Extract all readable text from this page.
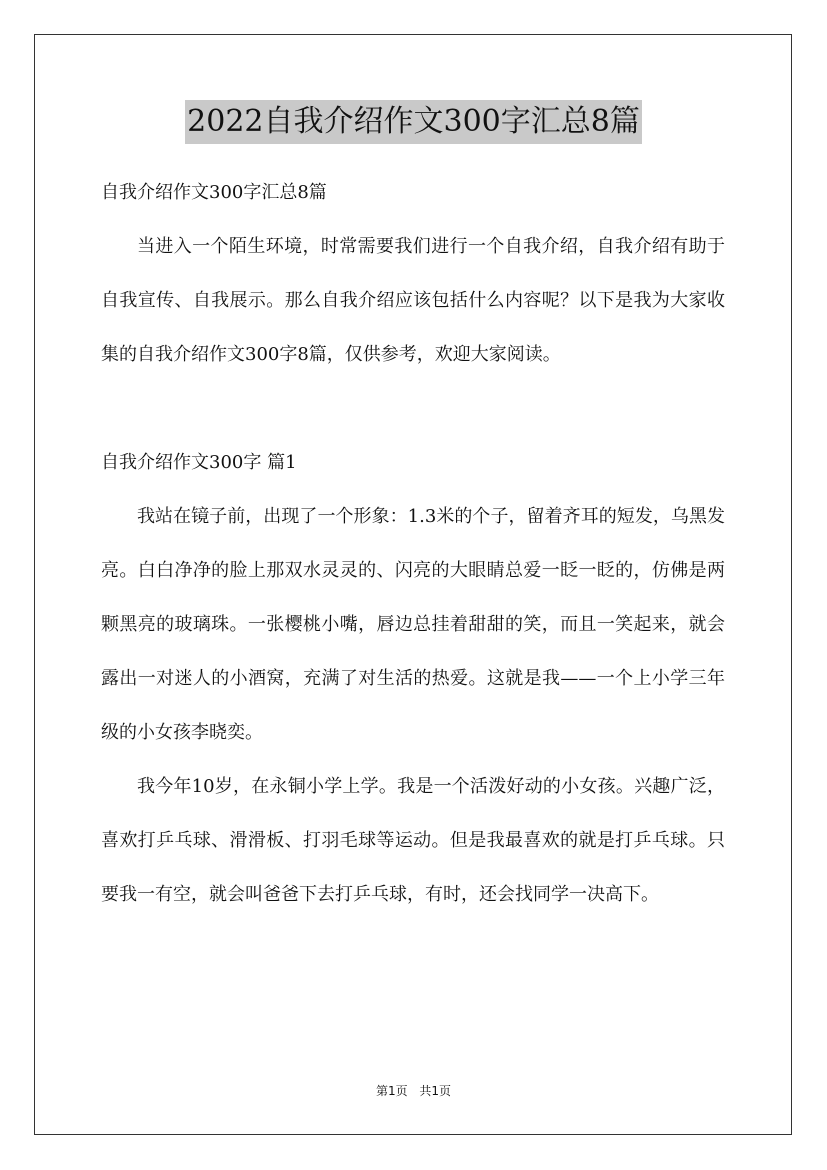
2022自我介绍作文300字汇总8篇

自我介绍作文300字汇总8篇

当进入一个陌生环境，时常需要我们进行一个自我介绍，自我介绍有助于自我宣传、自我展示。那么自我介绍应该包括什么内容呢？以下是我为大家收集的自我介绍作文300字8篇，仅供参考，欢迎大家阅读。

自我介绍作文300字 篇1

我站在镜子前，出现了一个形象：1.3米的个子，留着齐耳的短发，乌黑发亮。白白净净的脸上那双水灵灵的、闪亮的大眼睛总爱一眨一眨的，仿佛是两颗黑亮的玻璃珠。一张樱桃小嘴，唇边总挂着甜甜的笑，而且一笑起来，就会露出一对迷人的小酒窝，充满了对生活的热爱。这就是我——一个上小学三年级的小女孩李晓奕。

我今年10岁，在永铜小学上学。我是一个活泼好动的小女孩。兴趣广泛，喜欢打乒乓球、滑滑板、打羽毛球等运动。但是我最喜欢的就是打乒乓球。只要我一有空，就会叫爸爸下去打乒乓球，有时，还会找同学一决高下。

第1页 共1页
